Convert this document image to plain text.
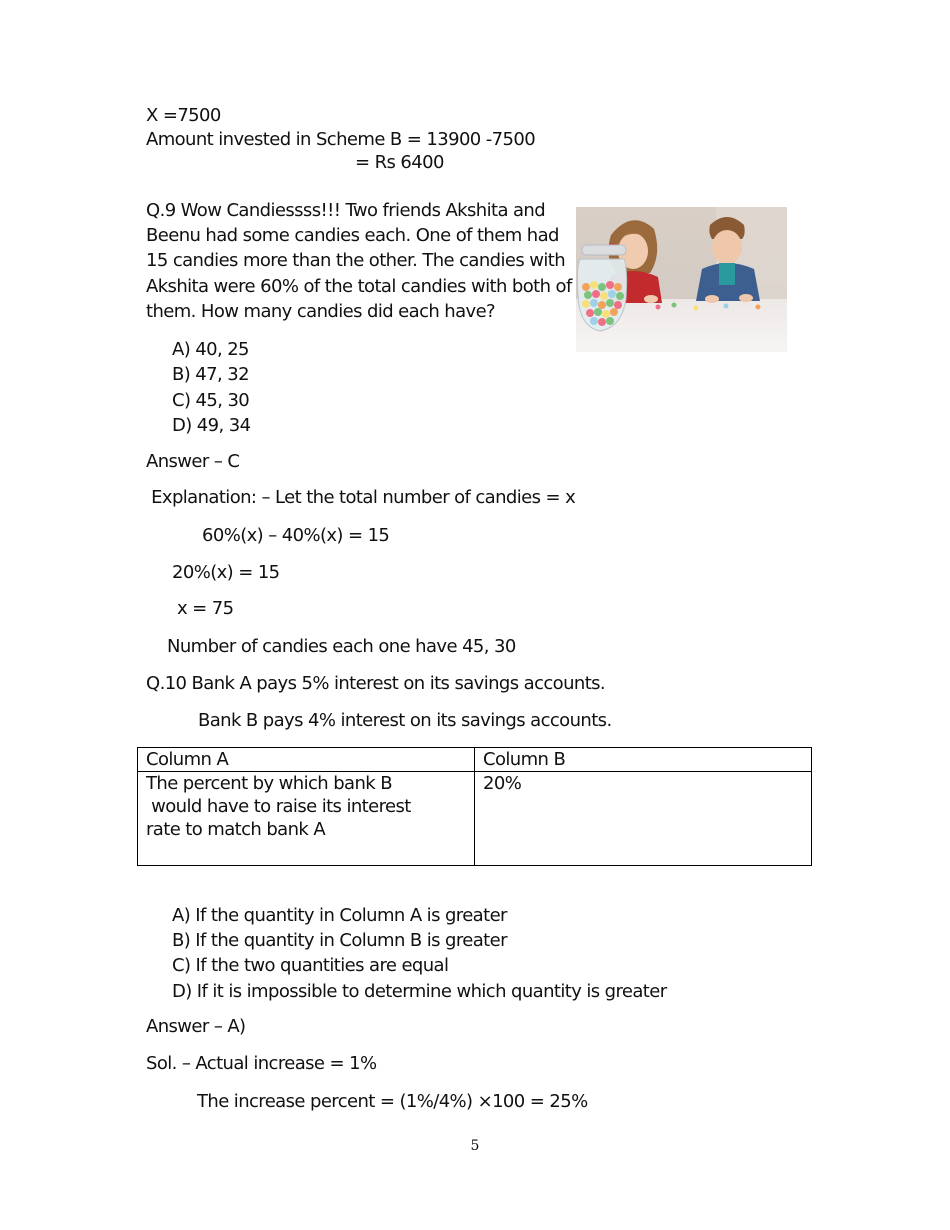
X =7500
Amount invested in Scheme B = 13900 -7500
= Rs 6400
Q.9 Wow Candiessss!!! Two friends Akshita and
Beenu had some candies each. One of them had
15 candies more than the other. The candies with
Akshita were 60% of the total candies with both of
them. How many candies did each have?
A) 40, 25
B) 47, 32
C) 45, 30
D) 49, 34
Answer – C
Explanation: – Let the total number of candies = x
60%(x) – 40%(x) = 15
20%(x) = 15
x = 75
Number of candies each one have 45, 30
Q.10 Bank A pays 5% interest on its savings accounts.
Bank B pays 4% interest on its savings accounts.
Column A	Column B

The percent by which bank B
would have to raise its interest
rate to match bank A	20%
A) If the quantity in Column A is greater
B) If the quantity in Column B is greater
C) If the two quantities are equal
D) If it is impossible to determine which quantity is greater
Answer – A)
Sol. – Actual increase = 1%
The increase percent = (1%/4%) ×100 = 25%
5
